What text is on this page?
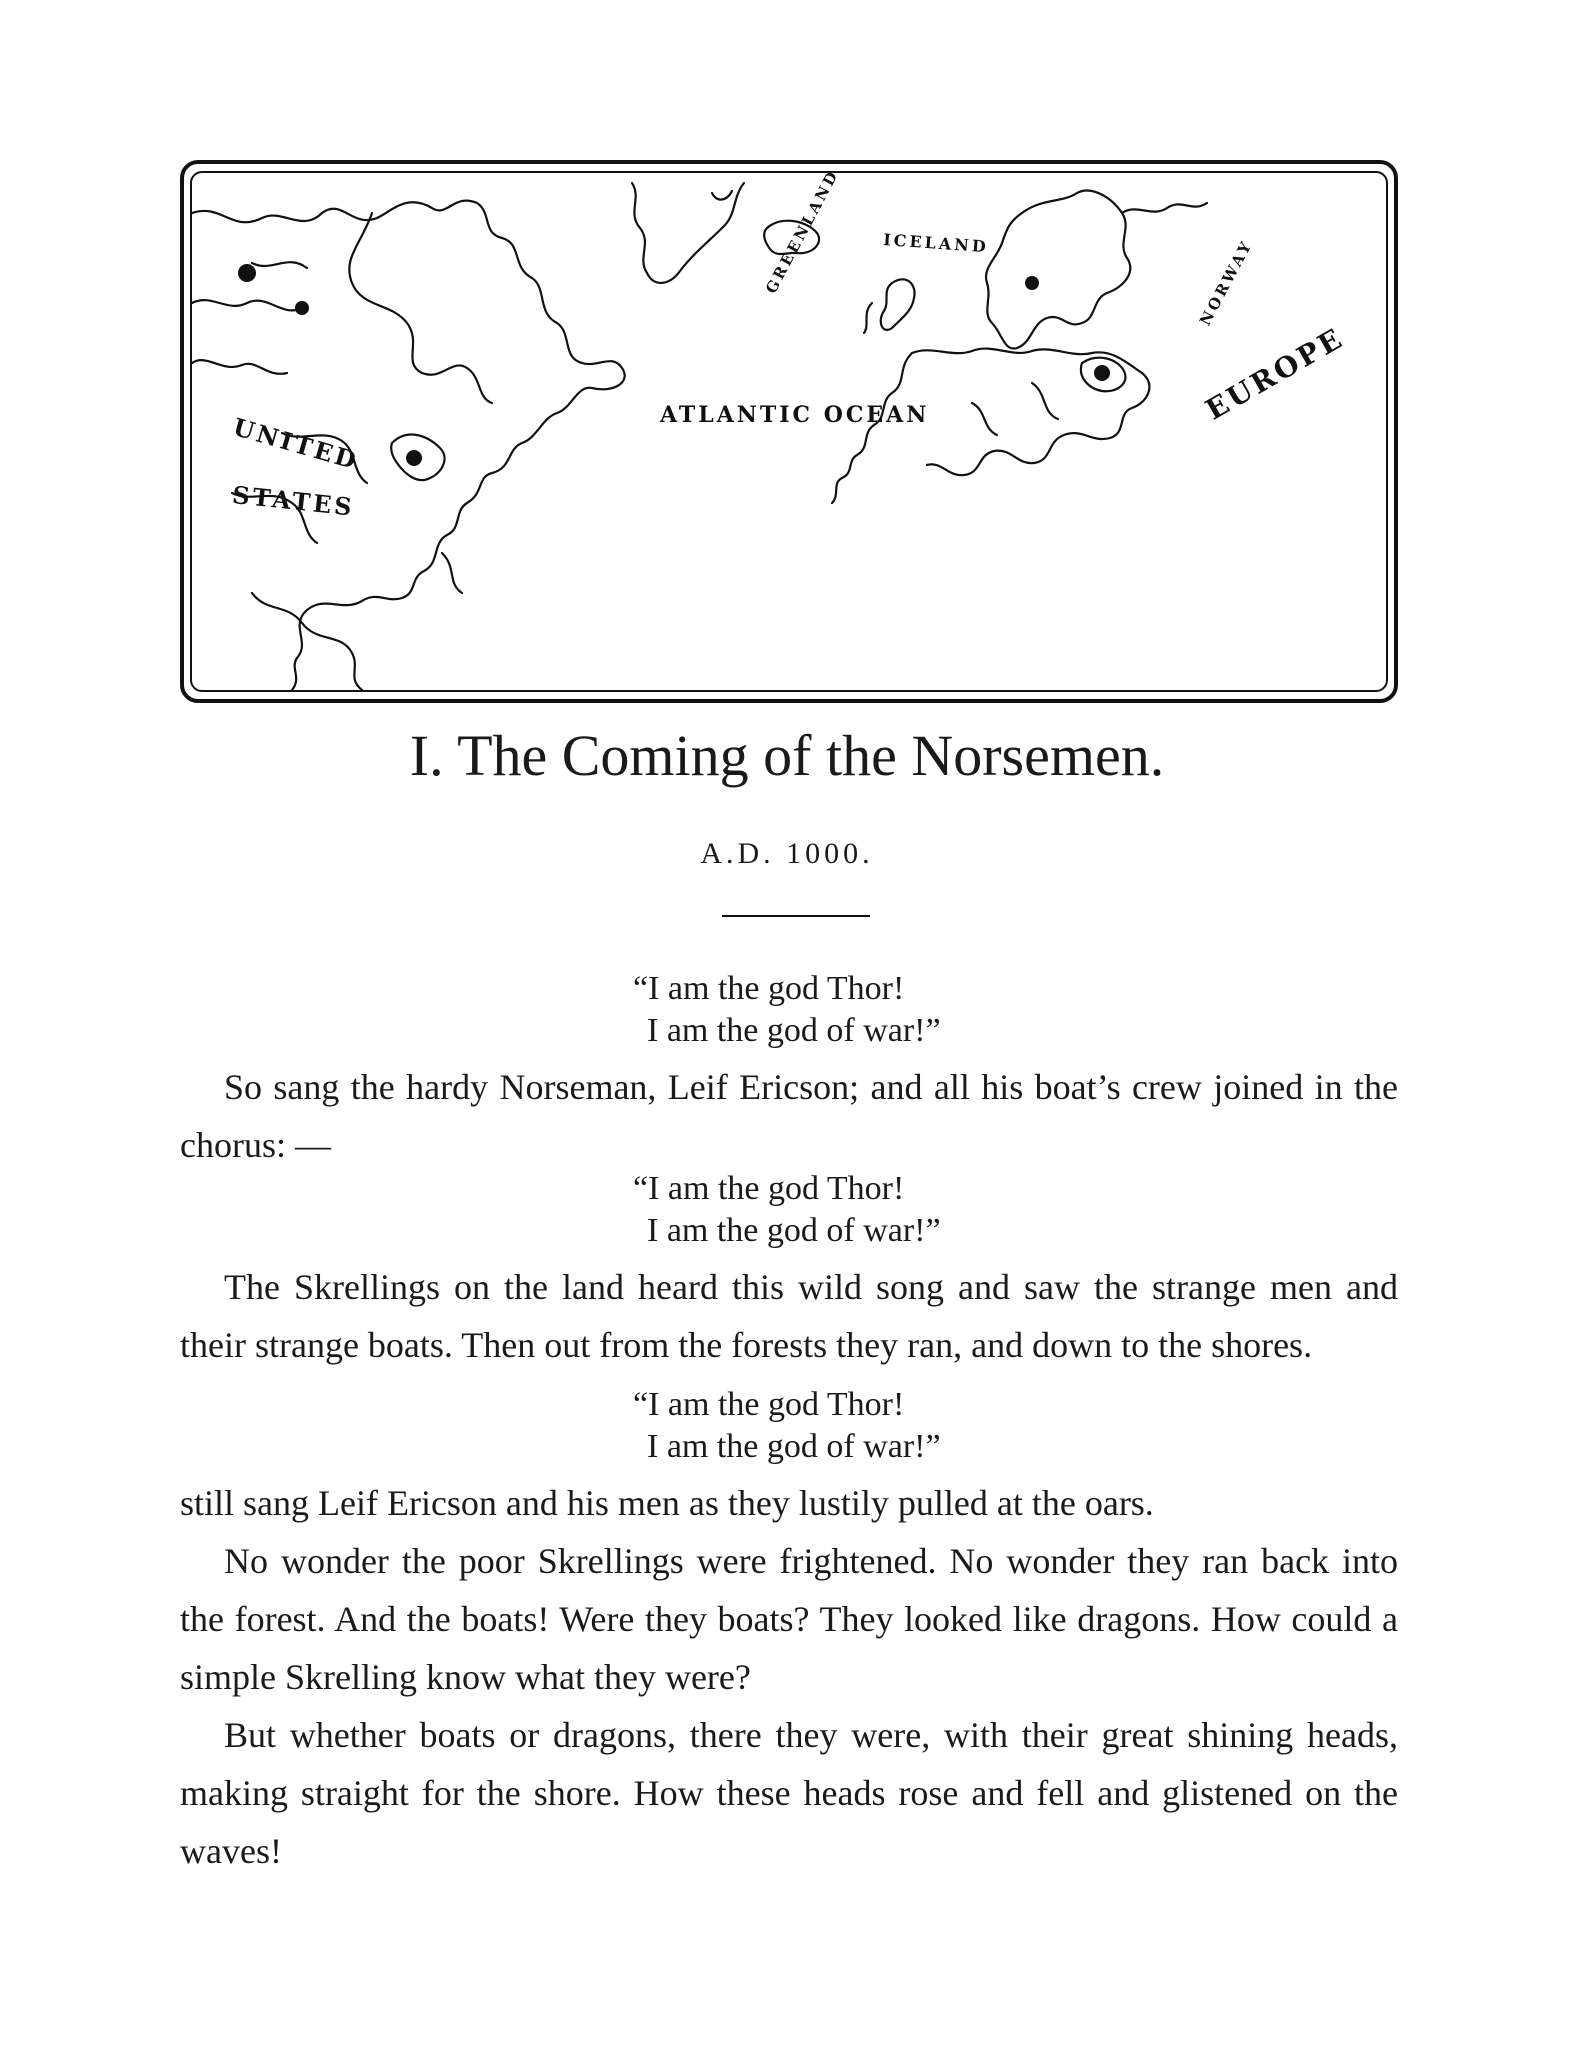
UNITED
STATES
GREENLAND	ICELAND	NORWAY
EUROPE
ATLANTIC OCEAN
I. The Coming of the Norsemen.
A.D. 1000.
“I am the god Thor!
I am the god of war!”

So sang the hardy Norseman, Leif Ericson; and all his boat’s crew joined in the chorus: —

“I am the god Thor!
I am the god of war!”

The Skrellings on the land heard this wild song and saw the strange men and their strange boats. Then out from the forests they ran, and down to the shores.

“I am the god Thor!
I am the god of war!”

still sang Leif Ericson and his men as they lustily pulled at the oars.

No wonder the poor Skrellings were frightened. No wonder they ran back into the forest. And the boats! Were they boats? They looked like dragons. How could a simple Skrelling know what they were?

But whether boats or dragons, there they were, with their great shining heads, making straight for the shore. How these heads rose and fell and glistened on the waves!
